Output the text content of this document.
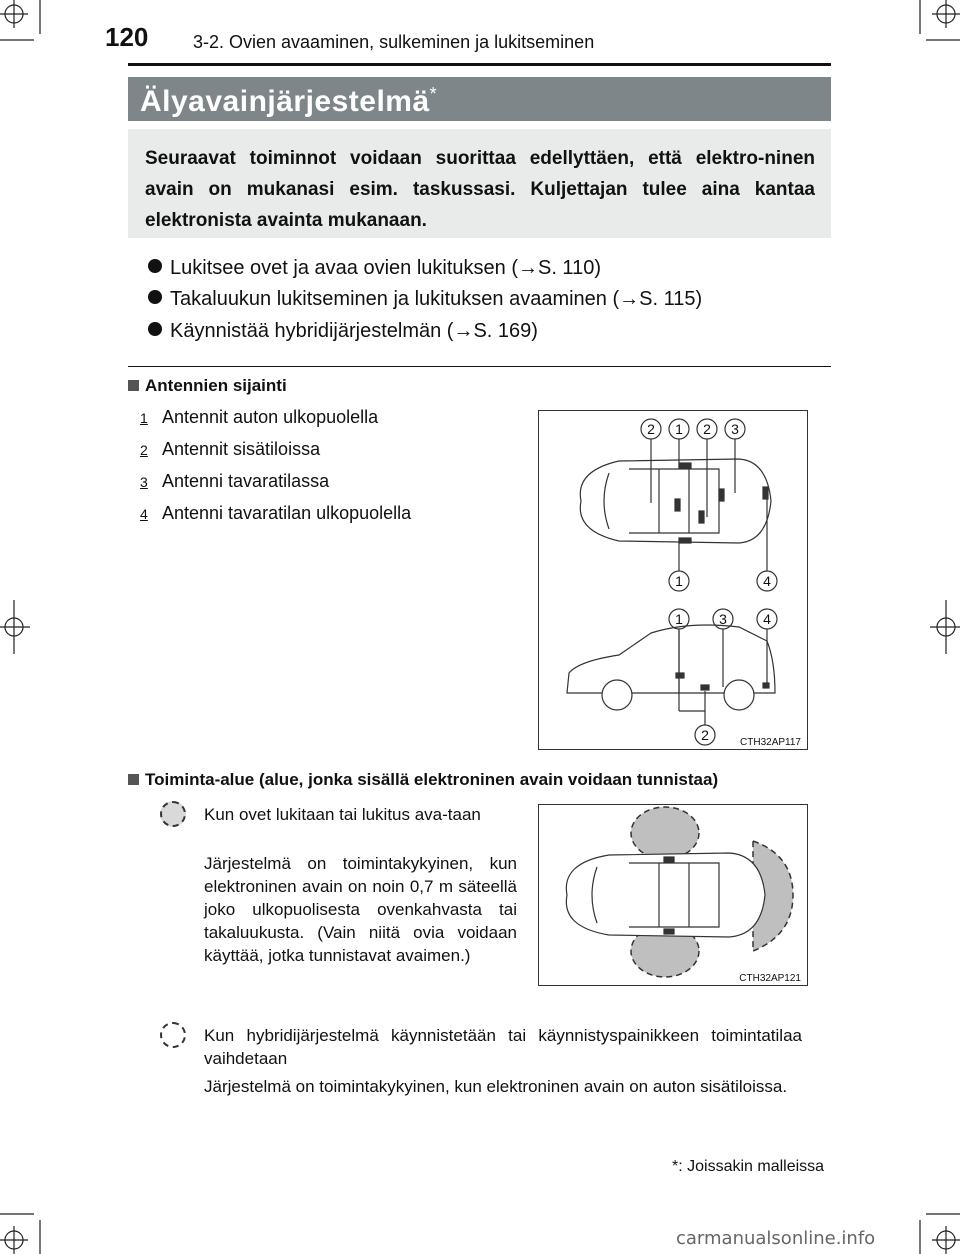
120 3-2. Ovien avaaminen, sulkeminen ja lukitseminen
Älyavainjärjestelmä*
Seuraavat toiminnot voidaan suorittaa edellyttäen, että elektro-ninen avain on mukanasi esim. taskussasi. Kuljettajan tulee aina kantaa elektronista avainta mukanaan.
Lukitsee ovet ja avaa ovien lukituksen (→S. 110)
Takaluukun lukitseminen ja lukituksen avaaminen (→S. 115)
Käynnistää hybridijärjestelmän (→S. 169)
Antennien sijainti
1 Antennit auton ulkopuolella
2 Antennit sisätiloissa
3 Antenni tavaratilassa
4 Antenni tavaratilan ulkopuolella
2 1 2 3
1	4
1	3	4
2	CTH32AP117
Toiminta-alue (alue, jonka sisällä elektroninen avain voidaan tunnistaa)
Kun ovet lukitaan tai lukitus ava-taan
Järjestelmä on toimintakykyinen, kun elektroninen avain on noin 0,7 m säteellä joko ulkopuolisesta ovenkahvasta tai takaluukusta. (Vain niitä ovia voidaan käyttää, jotka tunnistavat avaimen.)
CTH32AP121
Kun hybridijärjestelmä käynnistetään tai käynnistyspainikkeen toimintatilaa vaihdetaan
Järjestelmä on toimintakykyinen, kun elektroninen avain on auton sisätiloissa.
*: Joissakin malleissa
carmanualsonline.info
